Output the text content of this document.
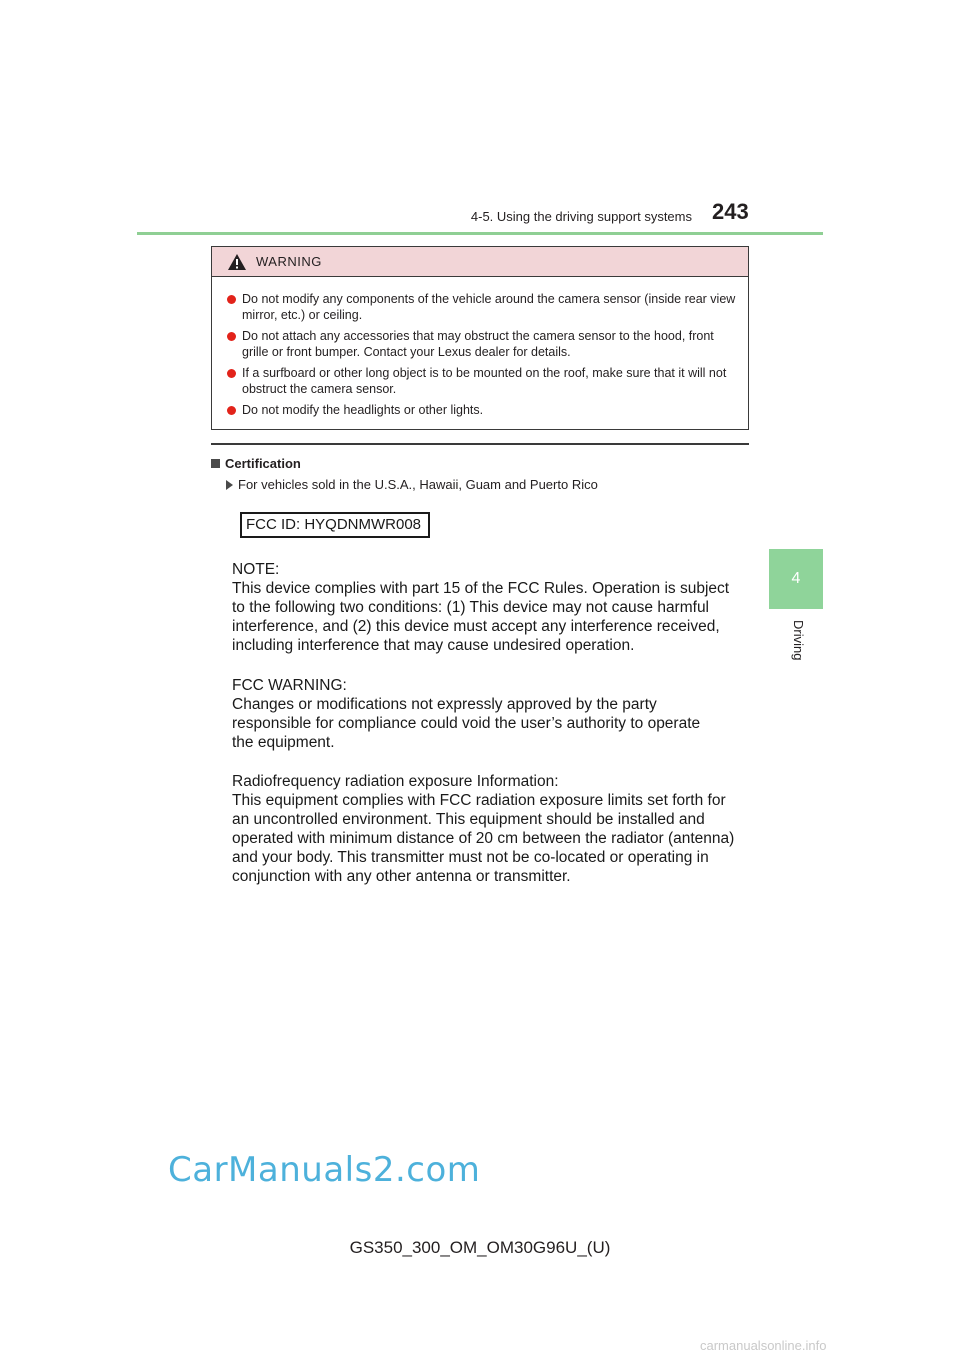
4-5. Using the driving support systems 243
4
Driving
WARNING
Do not modify any components of the vehicle around the camera sensor (inside rear view mirror, etc.) or ceiling.
Do not attach any accessories that may obstruct the camera sensor to the hood, front grille or front bumper. Contact your Lexus dealer for details.
If a surfboard or other long object is to be mounted on the roof, make sure that it will not obstruct the camera sensor.
Do not modify the headlights or other lights.
Certification
For vehicles sold in the U.S.A., Hawaii, Guam and Puerto Rico
FCC ID: HYQDNMWR008
NOTE:
This device complies with part 15 of the FCC Rules. Operation is subject
to the following two conditions: (1) This device may not cause harmful
interference, and (2) this device must accept any interference received,
including interference that may cause undesired operation.
FCC WARNING:
Changes or modifications not expressly approved by the party
responsible for compliance could void the user’s authority to operate
the equipment.
Radiofrequency radiation exposure Information:
This equipment complies with FCC radiation exposure limits set forth for
an uncontrolled environment. This equipment should be installed and
operated with minimum distance of 20 cm between the radiator (antenna)
and your body. This transmitter must not be co-located or operating in
conjunction with any other antenna or transmitter.
CarManuals2.com
GS350_300_OM_OM30G96U_(U)
carmanualsonline.info
